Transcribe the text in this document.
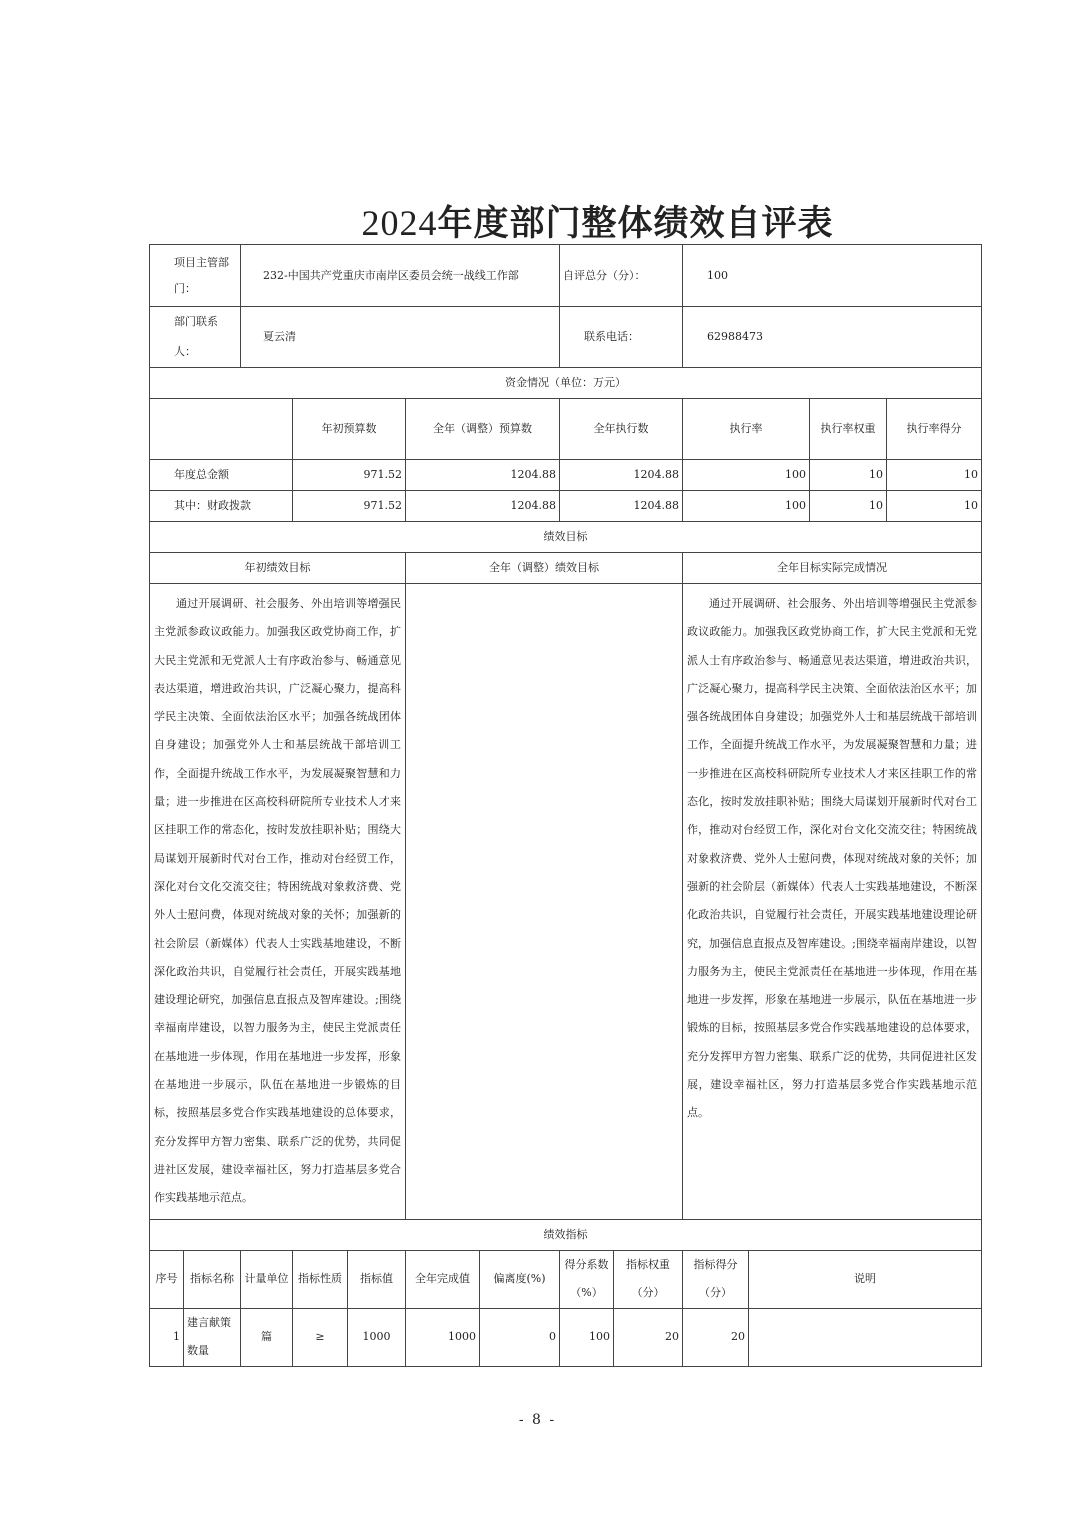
2024年度部门整体绩效自评表
项目主管部门：	232-中国共产党重庆市南岸区委员会统一战线工作部	自评总分（分）：	100
部门联系人：	夏云清	联系电话：	62988473
资金情况（单位：万元）
	年初预算数	全年（调整）预算数	全年执行数		执行率	执行率权重	执行率得分

年度总金额	971.52	1204.88	1204.88		100	10	10

其中：财政拨款	971.52	1204.88	1204.88		100	10	10

绩效目标
年初绩效目标	全年（调整）绩效目标	全年目标实际完成情况
通过开展调研、社会服务、外出培训等增强民主党派参政议政能力。加强我区政党协商工作，扩大民主党派和无党派人士有序政治参与、畅通意见表达渠道，增进政治共识，广泛凝心聚力，提高科学民主决策、全面依法治区水平；加强各统战团体自身建设；加强党外人士和基层统战干部培训工作，全面提升统战工作水平，为发展凝聚智慧和力量；进一步推进在区高校科研院所专业技术人才来区挂职工作的常态化，按时发放挂职补贴；围绕大局谋划开展新时代对台工作，推动对台经贸工作，深化对台文化交流交往；特困统战对象救济费、党外人士慰问费，体现对统战对象的关怀；加强新的社会阶层（新媒体）代表人士实践基地建设，不断深化政治共识，自觉履行社会责任，开展实践基地建设理论研究，加强信息直报点及智库建设。;围绕幸福南岸建设，以智力服务为主，使民主党派责任在基地进一步体现，作用在基地进一步发挥，形象在基地进一步展示，队伍在基地进一步锻炼的目标，按照基层多党合作实践基地建设的总体要求，充分发挥甲方智力密集、联系广泛的优势，共同促进社区发展，建设幸福社区，努力打造基层多党合作实践基地示范点。		通过开展调研、社会服务、外出培训等增强民主党派参政议政能力。加强我区政党协商工作，扩大民主党派和无党派人士有序政治参与、畅通意见表达渠道，增进政治共识，广泛凝心聚力，提高科学民主决策、全面依法治区水平；加强各统战团体自身建设；加强党外人士和基层统战干部培训工作，全面提升统战工作水平，为发展凝聚智慧和力量；进一步推进在区高校科研院所专业技术人才来区挂职工作的常态化，按时发放挂职补贴；围绕大局谋划开展新时代对台工作，推动对台经贸工作，深化对台文化交流交往；特困统战对象救济费、党外人士慰问费，体现对统战对象的关怀；加强新的社会阶层（新媒体）代表人士实践基地建设，不断深化政治共识，自觉履行社会责任，开展实践基地建设理论研究，加强信息直报点及智库建设。;围绕幸福南岸建设，以智力服务为主，使民主党派责任在基地进一步体现，作用在基地进一步发挥，形象在基地进一步展示，队伍在基地进一步锻炼的目标，按照基层多党合作实践基地建设的总体要求，充分发挥甲方智力密集、联系广泛的优势，共同促进社区发展，建设幸福社区，努力打造基层多党合作实践基地示范点。
绩效指标
序号	指标名称	计量单位	指标性质	指标值	全年完成值	偏离度(%)	得分系数（%）	指标权重（分）	指标得分（分）	说明
1	建言献策数量	篇	≥	1000	1000	0	100	20	20	
- 8 -
